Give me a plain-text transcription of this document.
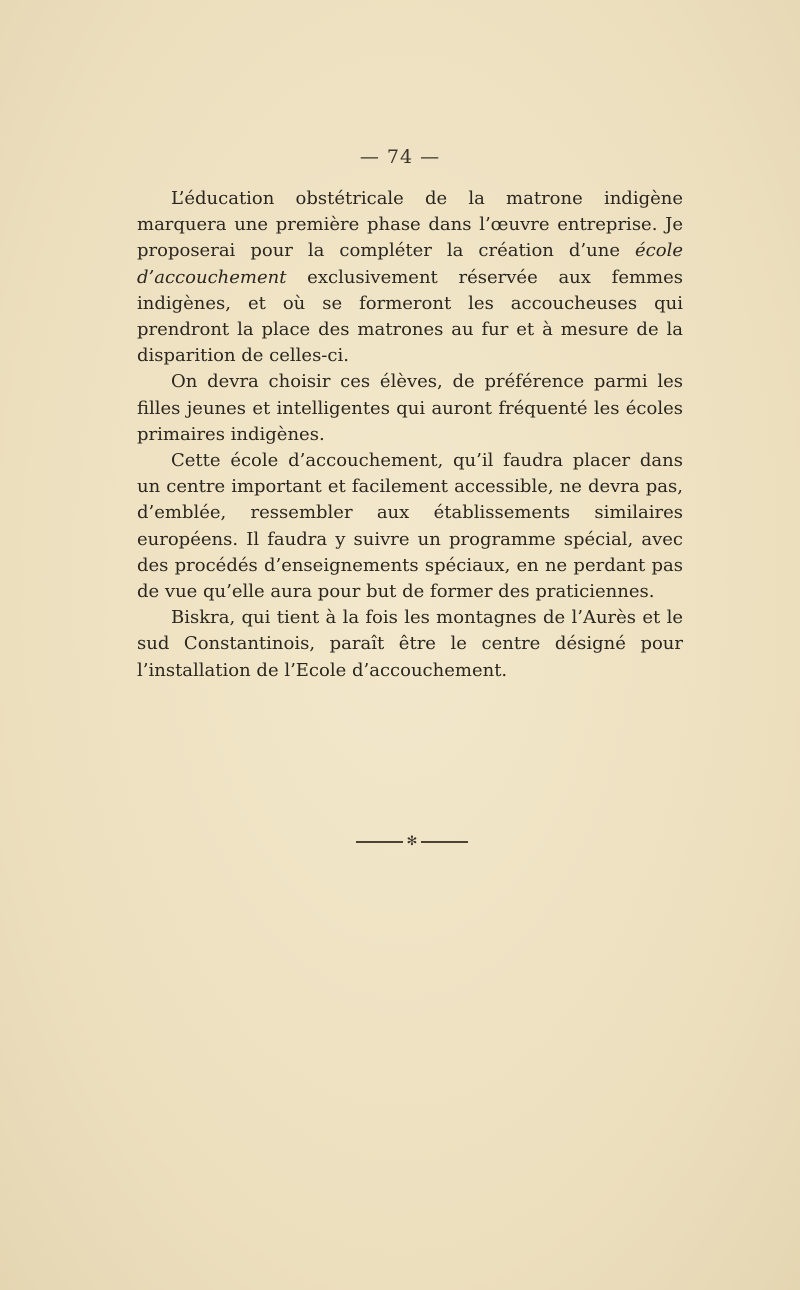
— 74 —

L’éducation obstétricale de la matrone indigène marquera une première phase dans l’œuvre entreprise. Je proposerai pour la compléter la création d’une école d’accouchement exclusivement réservée aux femmes indigènes, et où se formeront les accoucheuses qui prendront la place des matrones au fur et à mesure de la disparition de celles-ci.

On devra choisir ces élèves, de préférence parmi les filles jeunes et intelligentes qui auront fréquenté les écoles primaires indigènes.

Cette école d’accouchement, qu’il faudra placer dans un centre important et facilement accessible, ne devra pas, d’emblée, ressembler aux établissements similaires européens. Il faudra y suivre un programme spécial, avec des procédés d’enseignements spéciaux, en ne perdant pas de vue qu’elle aura pour but de former des praticiennes.

Biskra, qui tient à la fois les montagnes de l’Aurès et le sud Constantinois, paraît être le centre désigné pour l’installation de l’Ecole d’accouchement.

✻
